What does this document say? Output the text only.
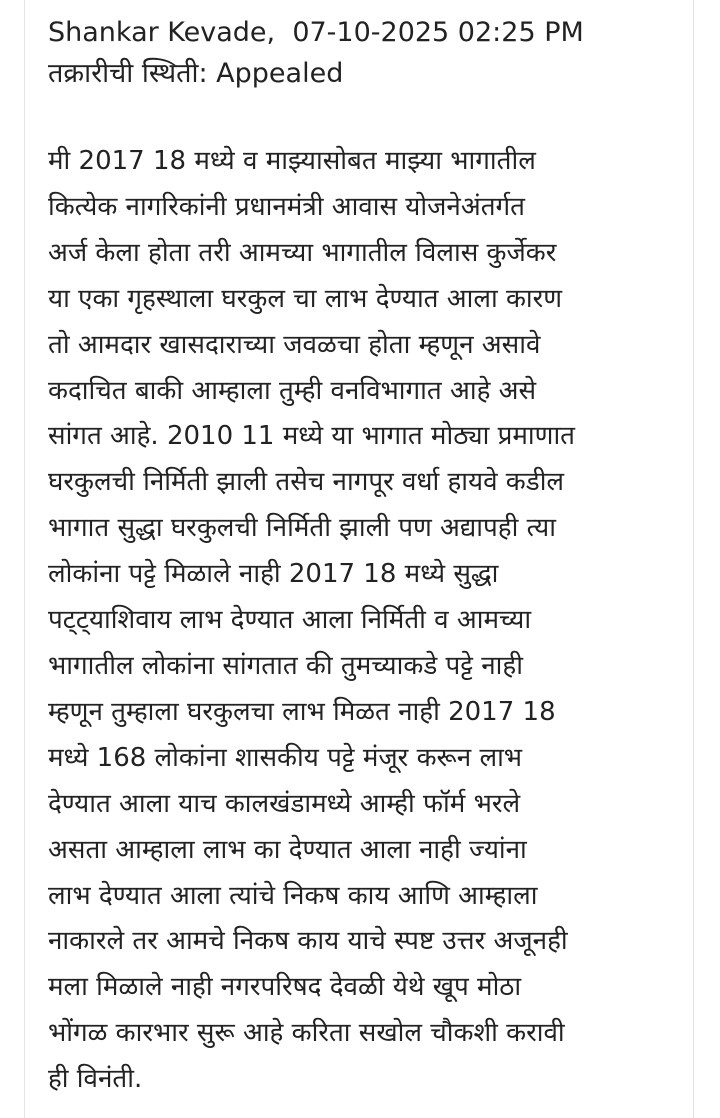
Shankar Kevade, 07-10-2025 02:25 PM
तक्रारीची स्थिती: Appealed
मी 2017 18 मध्ये व माझ्यासोबत माझ्या भागातील
कित्येक नागरिकांनी प्रधानमंत्री आवास योजनेअंतर्गत
अर्ज केला होता तरी आमच्या भागातील विलास कुर्जेकर
या एका गृहस्थाला घरकुल चा लाभ देण्यात आला कारण
तो आमदार खासदाराच्या जवळचा होता म्हणून असावे
कदाचित बाकी आम्हाला तुम्ही वनविभागात आहे असे
सांगत आहे. 2010 11 मध्ये या भागात मोठ्या प्रमाणात
घरकुलची निर्मिती झाली तसेच नागपूर वर्धा हायवे कडील
भागात सुद्धा घरकुलची निर्मिती झाली पण अद्यापही त्या
लोकांना पट्टे मिळाले नाही 2017 18 मध्ये सुद्धा
पट्ट्याशिवाय लाभ देण्यात आला निर्मिती व आमच्या
भागातील लोकांना सांगतात की तुमच्याकडे पट्टे नाही
म्हणून तुम्हाला घरकुलचा लाभ मिळत नाही 2017 18
मध्ये 168 लोकांना शासकीय पट्टे मंजूर करून लाभ
देण्यात आला याच कालखंडामध्ये आम्ही फॉर्म भरले
असता आम्हाला लाभ का देण्यात आला नाही ज्यांना
लाभ देण्यात आला त्यांचे निकष काय आणि आम्हाला
नाकारले तर आमचे निकष काय याचे स्पष्ट उत्तर अजूनही
मला मिळाले नाही नगरपरिषद देवळी येथे खूप मोठा
भोंगळ कारभार सुरू आहे करिता सखोल चौकशी करावी
ही विनंती.
